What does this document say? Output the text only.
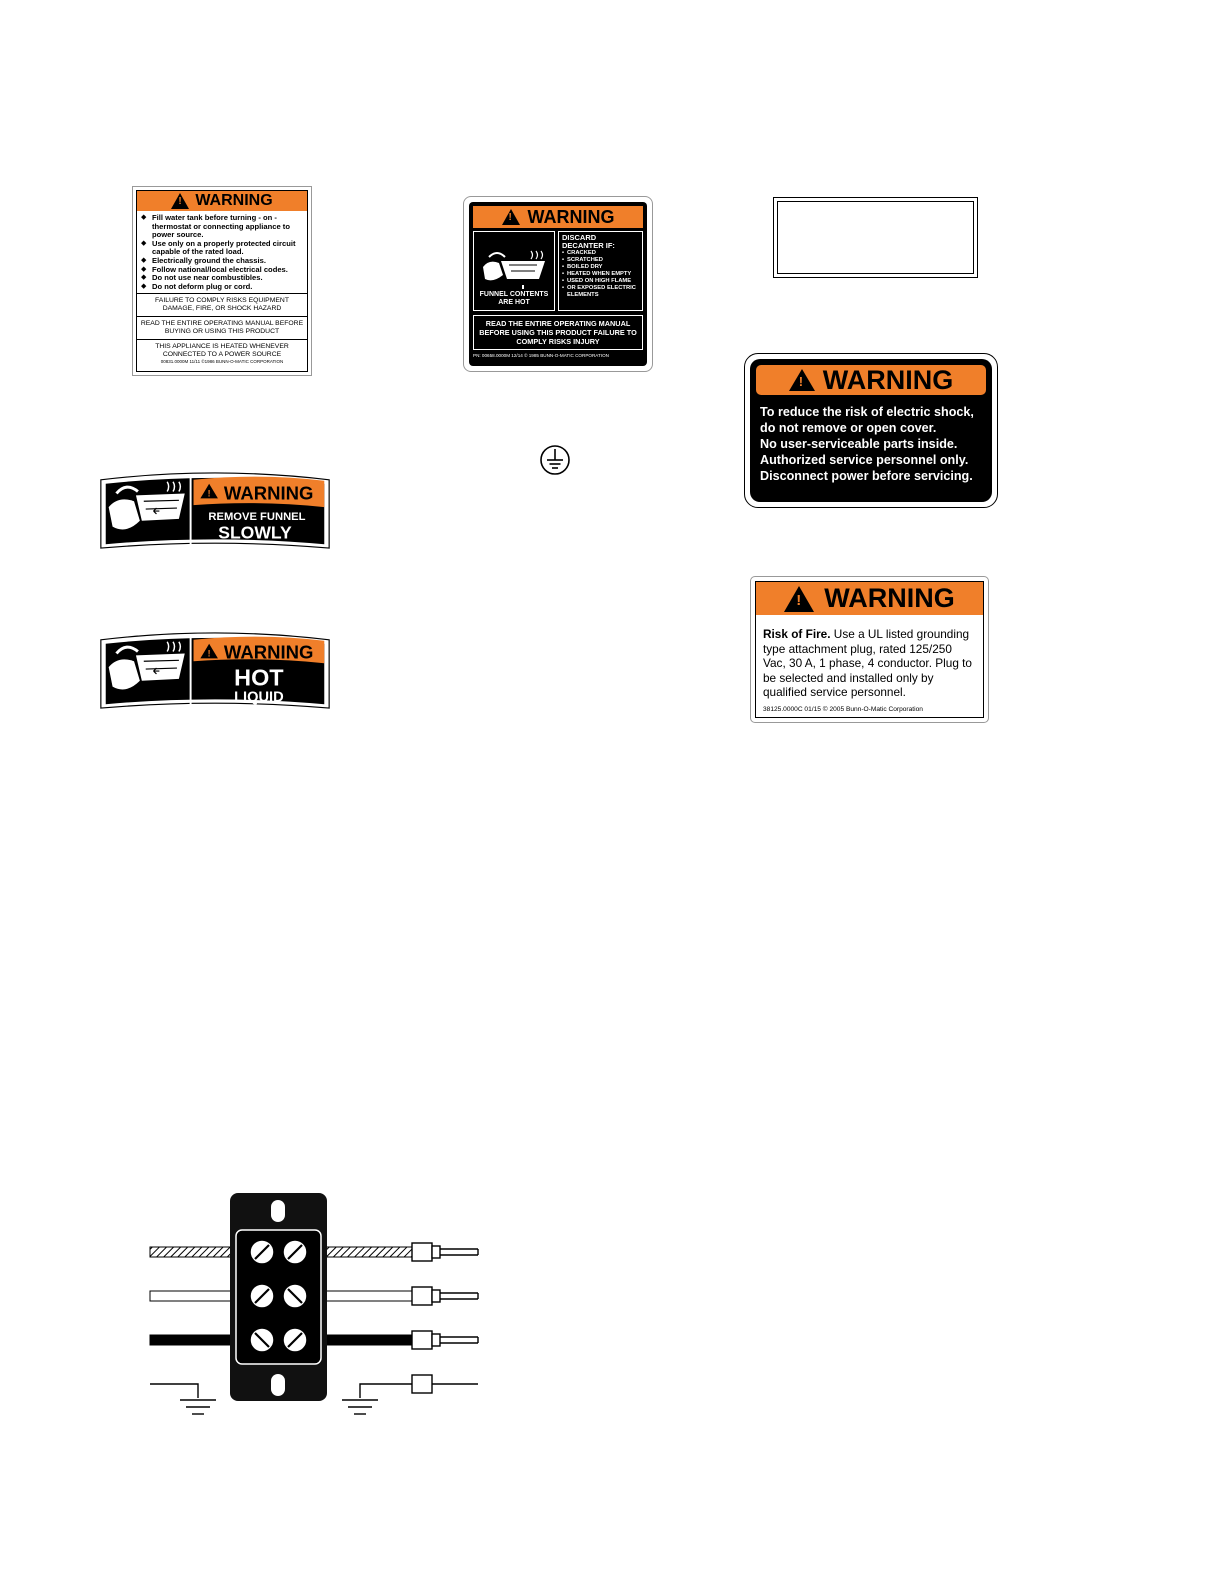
!
WARNING
◆ Fill water tank before turning - on - thermostat or connecting appliance to power source.
◆ Use only on a properly protected circuit capable of the rated load.
◆ Electrically ground the chassis.
◆ Follow national/local electrical codes.
◆ Do not use near combustibles.
◆ Do not deform plug or cord.
FAILURE TO COMPLY RISKS EQUIPMENT DAMAGE, FIRE, OR SHOCK HAZARD
READ THE ENTIRE OPERATING MANUAL BEFORE BUYING OR USING THIS PRODUCT
THIS APPLIANCE IS HEATED WHENEVER CONNECTED TO A POWER SOURCE
00831.0000M 11/11 ©1986 BUNN-O-MATIC CORPORATION
!
WARNING
FUNNEL CONTENTS ARE HOT
DISCARD DECANTER IF:
• CRACKED
• SCRATCHED
• BOILED DRY
• HEATED WHEN EMPTY
• USED ON HIGH FLAME
• OR EXPOSED ELECTRIC ELEMENTS
READ THE ENTIRE OPERATING MANUAL BEFORE USING THIS PRODUCT FAILURE TO COMPLY RISKS INJURY
PN: 00658.0000M 12/14 © 1985 BUNN-O-MATIC CORPORATION
!
WARNING
To reduce the risk of electric shock,
do not remove or open cover.
No user-serviceable parts inside.
Authorized service personnel only.
Disconnect power before servicing.
! WARNING
REMOVE FUNNEL
SLOWLY
! WARNING
HOT
LIQUID
!
WARNING
Risk of Fire. Use a UL listed grounding type attachment plug, rated 125/250 Vac, 30 A, 1 phase, 4 conductor. Plug to be selected and installed only by qualified service personnel.
38125.0000C 01/15 © 2005 Bunn-O-Matic Corporation
